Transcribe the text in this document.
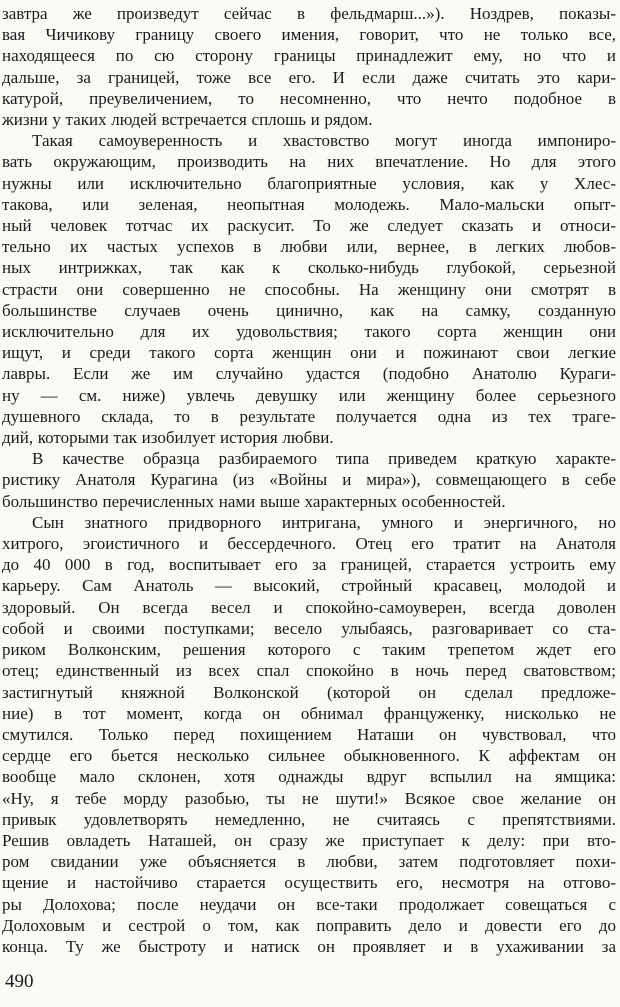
завтра же произведут сейчас в фельдмарш...»). Ноздрев, показы-
вая Чичикову границу своего имения, говорит, что не только все,
находящееся по сю сторону границы принадлежит ему, но что и
дальше, за границей, тоже все его. И если даже считать это кари-
катурой, преувеличением, то несомненно, что нечто подобное в
жизни у таких людей встречается сплошь и рядом.
Такая самоуверенность и хвастовство могут иногда импониро-
вать окружающим, производить на них впечатление. Но для этого
нужны или исключительно благоприятные условия, как у Хлес-
такова, или зеленая, неопытная молодежь. Мало-мальски опыт-
ный человек тотчас их раскусит. То же следует сказать и относи-
тельно их частых успехов в любви или, вернее, в легких любов-
ных интрижках, так как к сколько-нибудь глубокой, серьезной
страсти они совершенно не способны. На женщину они смотрят в
большинстве случаев очень цинично, как на самку, созданную
исключительно для их удовольствия; такого сорта женщин они
ищут, и среди такого сорта женщин они и пожинают свои легкие
лавры. Если же им случайно удастся (подобно Анатолю Кураги-
ну — см. ниже) увлечь девушку или женщину более серьезного
душевного склада, то в результате получается одна из тех траге-
дий, которыми так изобилует история любви.
В качестве образца разбираемого типа приведем краткую характе-
ристику Анатоля Курагина (из «Войны и мира»), совмещающего в себе
большинство перечисленных нами выше характерных особенностей.
Сын знатного придворного интригана, умного и энергичного, но
хитрого, эгоистичного и бессердечного. Отец его тратит на Анатоля
до 40 000 в год, воспитывает его за границей, старается устроить ему
карьеру. Сам Анатоль — высокий, стройный красавец, молодой и
здоровый. Он всегда весел и спокойно-самоуверен, всегда доволен
собой и своими поступками; весело улыбаясь, разговаривает со ста-
риком Волконским, решения которого с таким трепетом ждет его
отец; единственный из всех спал спокойно в ночь перед сватовством;
застигнутый княжной Волконской (которой он сделал предложе-
ние) в тот момент, когда он обнимал француженку, нисколько не
смутился. Только перед похищением Наташи он чувствовал, что
сердце его бьется несколько сильнее обыкновенного. К аффектам он
вообще мало склонен, хотя однажды вдруг вспылил на ямщика:
«Ну, я тебе морду разобью, ты не шути!» Всякое свое желание он
привык удовлетворять немедленно, не считаясь с препятствиями.
Решив овладеть Наташей, он сразу же приступает к делу: при вто-
ром свидании уже объясняется в любви, затем подготовляет похи-
щение и настойчиво старается осуществить его, несмотря на отгово-
ры Долохова; после неудачи он все-таки продолжает совещаться с
Долоховым и сестрой о том, как поправить дело и довести его до
конца. Ту же быстроту и натиск он проявляет и в ухаживании за
490
